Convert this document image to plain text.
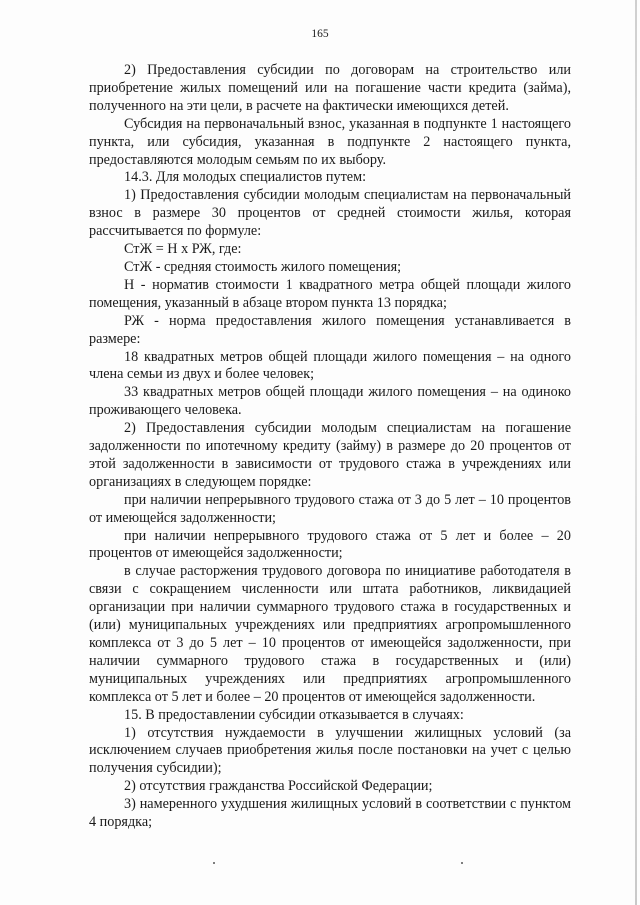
165

2) Предоставления субсидии по договорам на строительство или приобретение жилых помещений или на погашение части кредита (займа), полученного на эти цели, в расчете на фактически имеющихся детей.

Субсидия на первоначальный взнос, указанная в подпункте 1 настоящего пункта, или субсидия, указанная в подпункте 2 настоящего пункта, предоставляются молодым семьям по их выбору.

14.3. Для молодых специалистов путем:

1) Предоставления субсидии молодым специалистам на первоначальный взнос в размере 30 процентов от средней стоимости жилья, которая рассчитывается по формуле:

СтЖ = Н х РЖ, где:

СтЖ - средняя стоимость жилого помещения;

Н - норматив стоимости 1 квадратного метра общей площади жилого помещения, указанный в абзаце втором пункта 13 порядка;

РЖ - норма предоставления жилого помещения устанавливается в размере:

18 квадратных метров общей площади жилого помещения – на одного члена семьи из двух и более человек;

33 квадратных метров общей площади жилого помещения – на одиноко проживающего человека.

2) Предоставления субсидии молодым специалистам на погашение задолженности по ипотечному кредиту (займу) в размере до 20 процентов от этой задолженности в зависимости от трудового стажа в учреждениях или организациях в следующем порядке:

при наличии непрерывного трудового стажа от 3 до 5 лет – 10 процентов от имеющейся задолженности;

при наличии непрерывного трудового стажа от 5 лет и более – 20 процентов от имеющейся задолженности;

в случае расторжения трудового договора по инициативе работодателя в связи с сокращением численности или штата работников, ликвидацией организации при наличии суммарного трудового стажа в государственных и (или) муниципальных учреждениях или предприятиях агропромышленного комплекса от 3 до 5 лет – 10 процентов от имеющейся задолженности, при наличии суммарного трудового стажа в государственных и (или) муниципальных учреждениях или предприятиях агропромышленного комплекса от 5 лет и более – 20 процентов от имеющейся задолженности.

15. В предоставлении субсидии отказывается в случаях:

1) отсутствия нуждаемости в улучшении жилищных условий (за исключением случаев приобретения жилья после постановки на учет с целью получения субсидии);

2) отсутствия гражданства Российской Федерации;

3) намеренного ухудшения жилищных условий в соответствии с пунктом 4 порядка;
